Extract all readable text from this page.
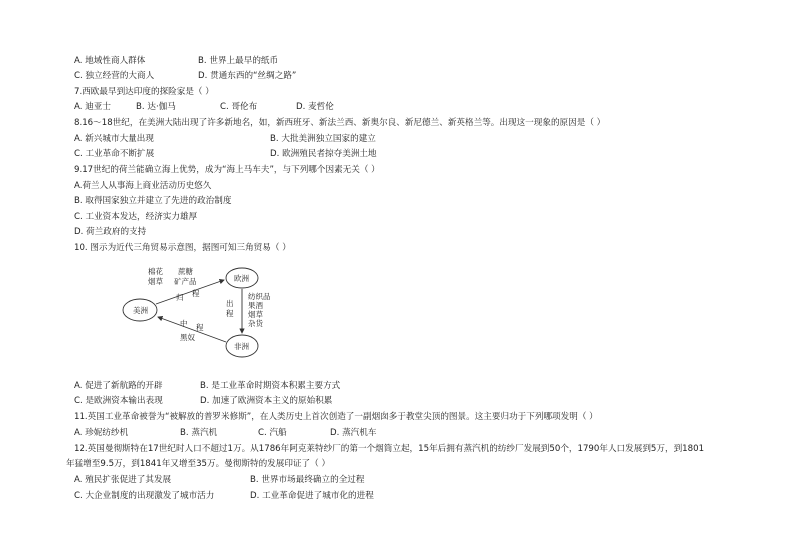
A. 地域性商人群体	B. 世界上最早的纸币
C. 独立经营的大商人	D. 贯通东西的“丝绸之路”
7.西欧最早到达印度的探险家是（ ）
A. 迪亚士	B. 达·伽马	C. 哥伦布	D. 麦哲伦
8.16～18世纪，在美洲大陆出现了许多新地名，如，新西班牙、新法兰西、新奥尔良、新尼德兰、新英格兰等。出现这一现象的原因是（ ）
A. 新兴城市大量出现	B. 大批美洲独立国家的建立
C. 工业革命不断扩展	D. 欧洲殖民者掠夺美洲土地
9.17世纪的荷兰能确立海上优势，成为“海上马车夫”，与下列哪个因素无关（ ）
A.荷兰人从事海上商业活动历史悠久
B. 取得国家独立并建立了先进的政治制度
C. 工业资本发达，经济实力雄厚
D. 荷兰政府的支持
10. 图示为近代三角贸易示意图，据图可知三角贸易（ ）
美洲
欧洲
非洲
棉花
烟草
蔗糖
矿产品
归 程
出
程
纺织品
果酒
烟草
杂货
中 程
黑奴
A. 促进了新航路的开辟	B. 是工业革命时期资本积累主要方式
C. 是欧洲资本输出表现	D. 加速了欧洲资本主义的原始积累
11.英国工业革命被誉为“被解放的普罗米修斯”，在人类历史上首次创造了一副烟囱多于教堂尖顶的图景。这主要归功于下列哪项发明（ ）
A. 珍妮纺纱机	B. 蒸汽机	C. 汽船	D. 蒸汽机车
12.英国曼彻斯特在17世纪时人口不超过1万。从1786年阿克莱特纱厂的第一个烟筒立起，15年后拥有蒸汽机的纺纱厂发展到50个，1790年人口发展到5万，到1801
年猛增至9.5万，到1841年又增至35万。曼彻斯特的发展印证了（ ）
A. 殖民扩张促进了其发展	B. 世界市场最终确立的全过程
C. 大企业制度的出现激发了城市活力	D. 工业革命促进了城市化的进程
